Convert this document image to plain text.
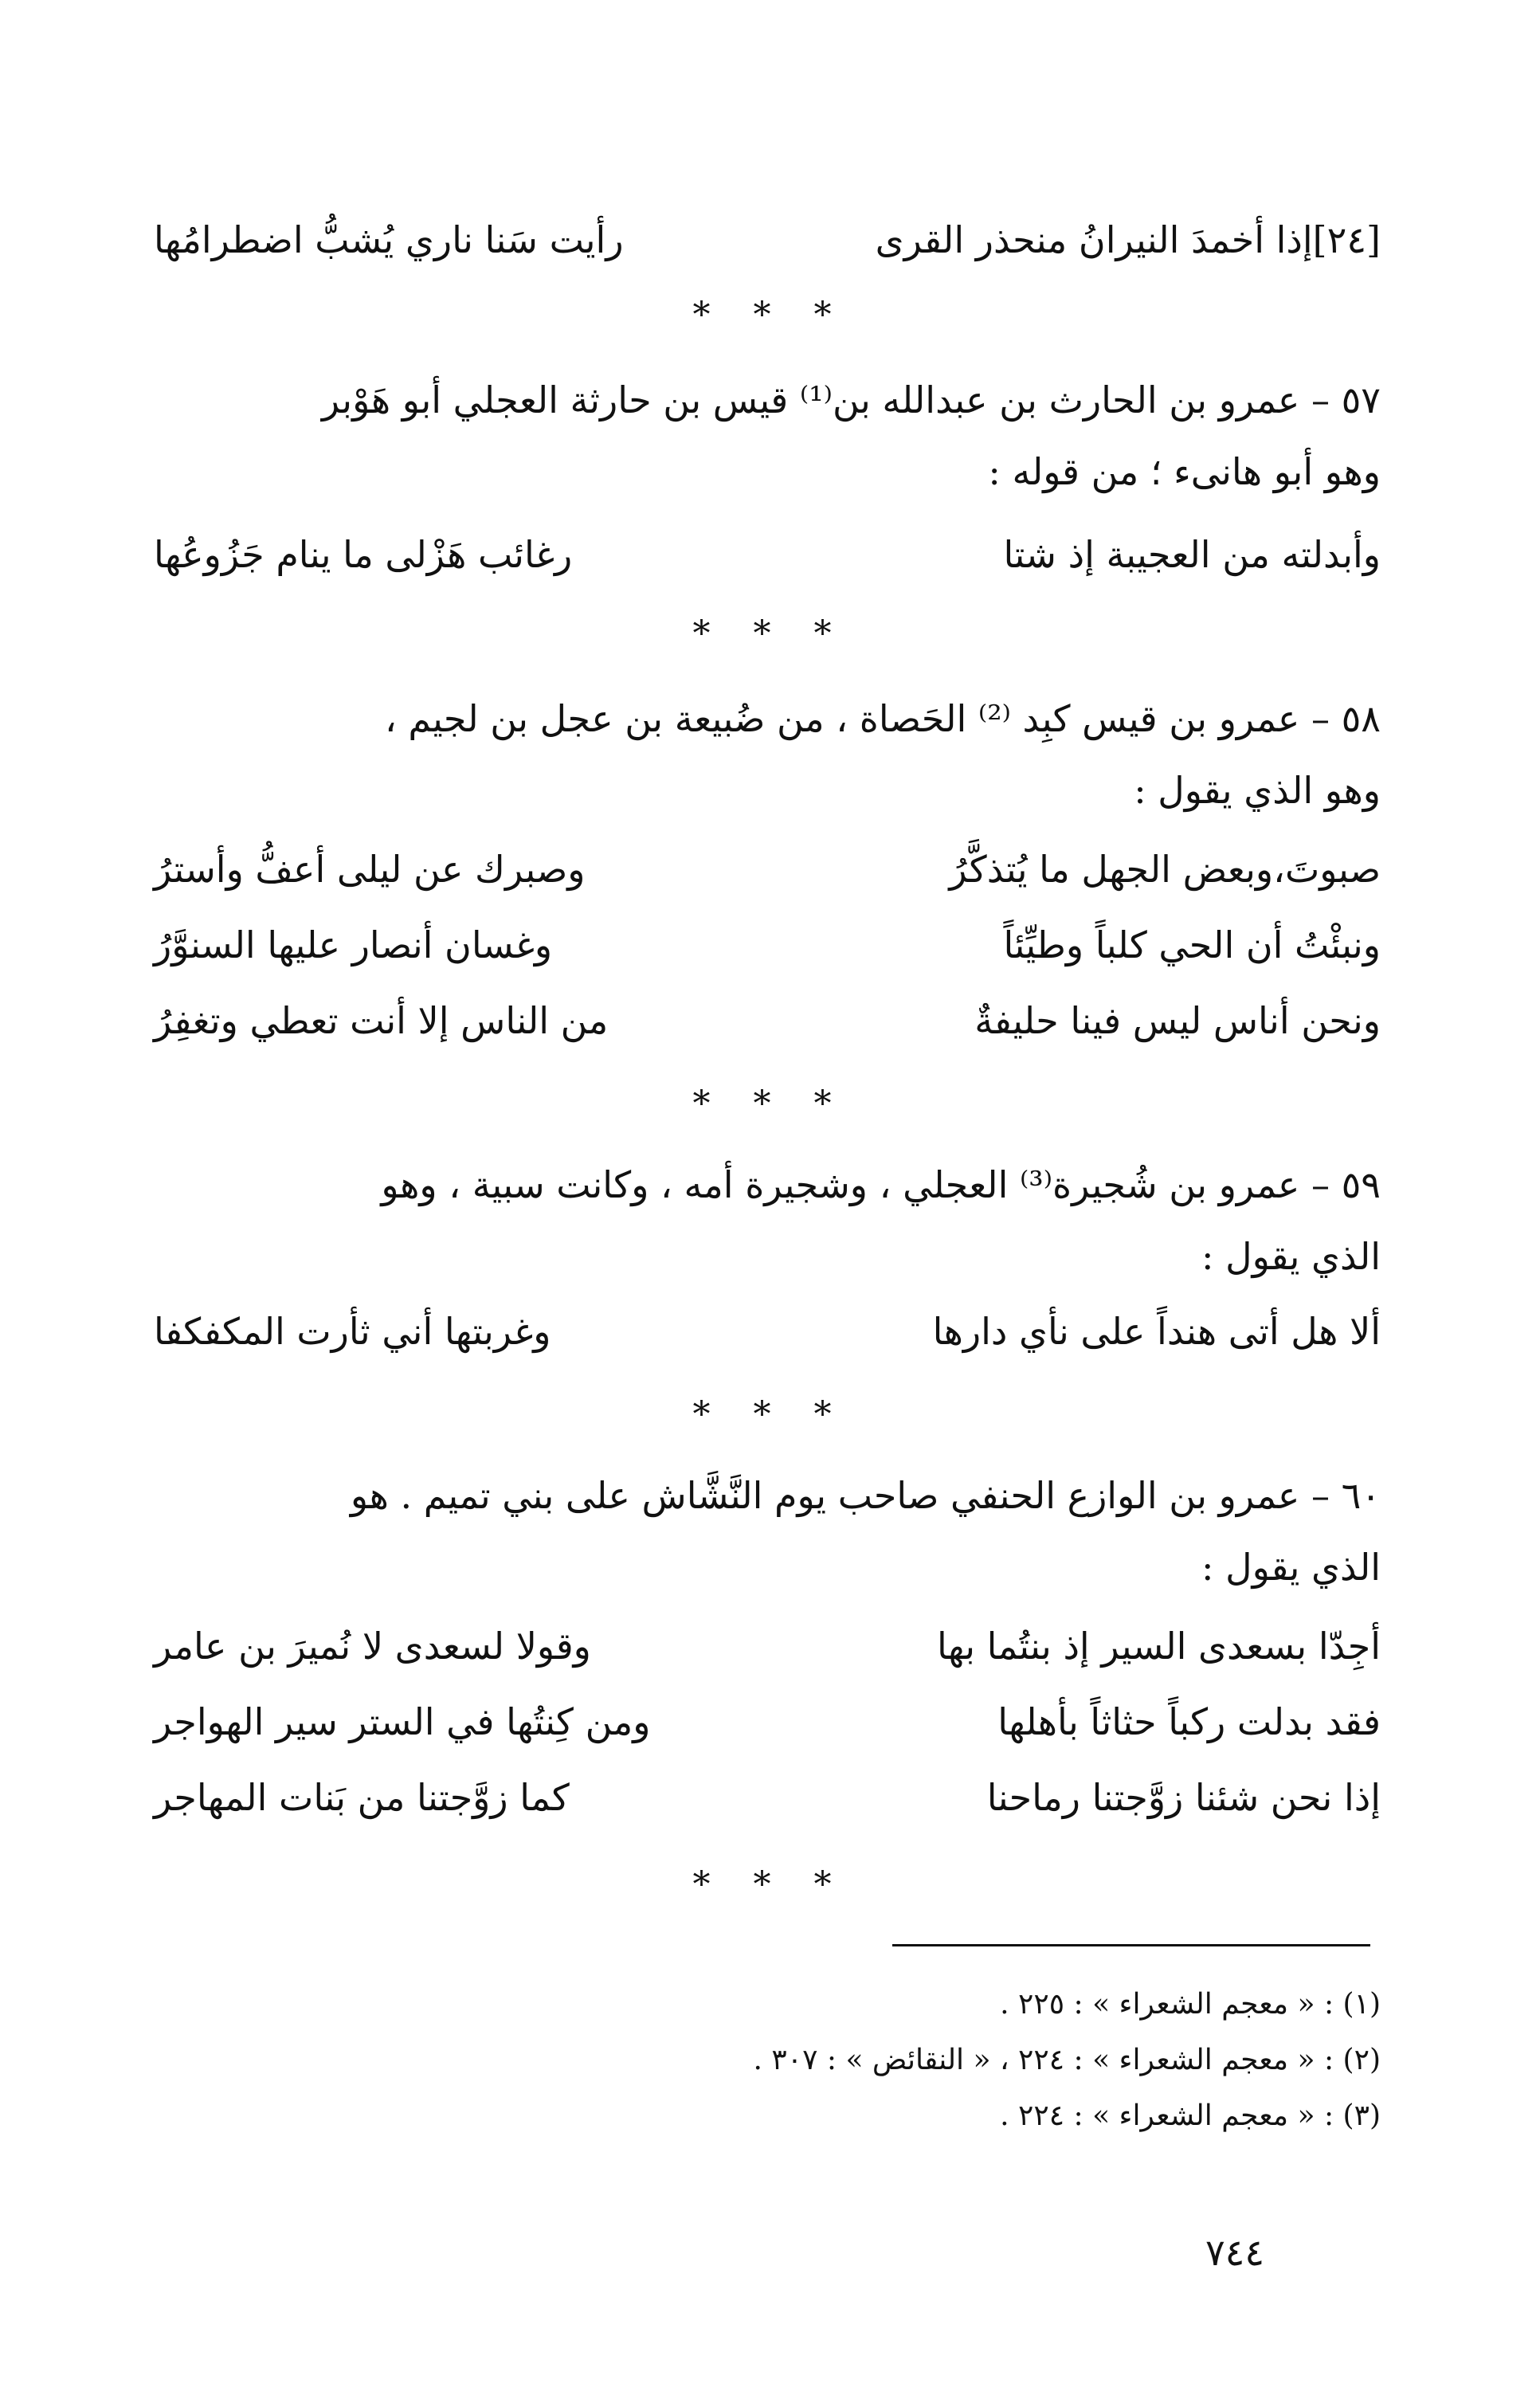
[٢٤]إذا أخمدَ النيرانُ منحذر القرى
رأيت سَنا ناري يُشبُّ اضطرامُها
* * *
٥٧ – عمرو بن الحارث بن عبدالله بن⁽¹⁾ قيس بن حارثة العجلي أبو هَوْبر
وهو أبو هانىء ؛ من قوله :
وأبدلته من العجيبة إذ شتا
رغائب هَزْلى ما ينام جَزُوعُها
* * *
٥٨ – عمرو بن قيس كبِد ⁽²⁾ الحَصاة ، من ضُبيعة بن عجل بن لجيم ،
وهو الذي يقول :
صبوتَ،وبعض الجهل ما يُتذكَّرُ
وصبرك عن ليلى أعفُّ وأسترُ
ونبئْتُ أن الحي كلباً وطيِّئاً
وغسان أنصار عليها السنوَّرُ
ونحن أناس ليس فينا حليفةٌ
من الناس إلا أنت تعطي وتغفِرُ
* * *
٥٩ – عمرو بن شُجيرة⁽³⁾ العجلي ، وشجيرة أمه ، وكانت سبية ، وهو
الذي يقول :
ألا هل أتى هنداً على نأي دارها
وغربتها أني ثأرت المكفكفا
* * *
٦٠ – عمرو بن الوازع الحنفي صاحب يوم النَّشَّاش على بني تميم . هو
الذي يقول :
أجِدّا بسعدى السير إذ بنتُما بها
وقولا لسعدى لا نُميرَ بن عامر
فقد بدلت ركباً حثاثاً بأهلها
ومن كِنتُها في الستر سير الهواجر
إذا نحن شئنا زوَّجتنا رماحنا
كما زوَّجتنا من بَنات المهاجر
* * *
(١) : « معجم الشعراء » : ٢٢٥ .
(٢) : « معجم الشعراء » : ٢٢٤ ، « النقائض » : ٣٠٧ .
(٣) : « معجم الشعراء » : ٢٢٤ .
٧٤٤
